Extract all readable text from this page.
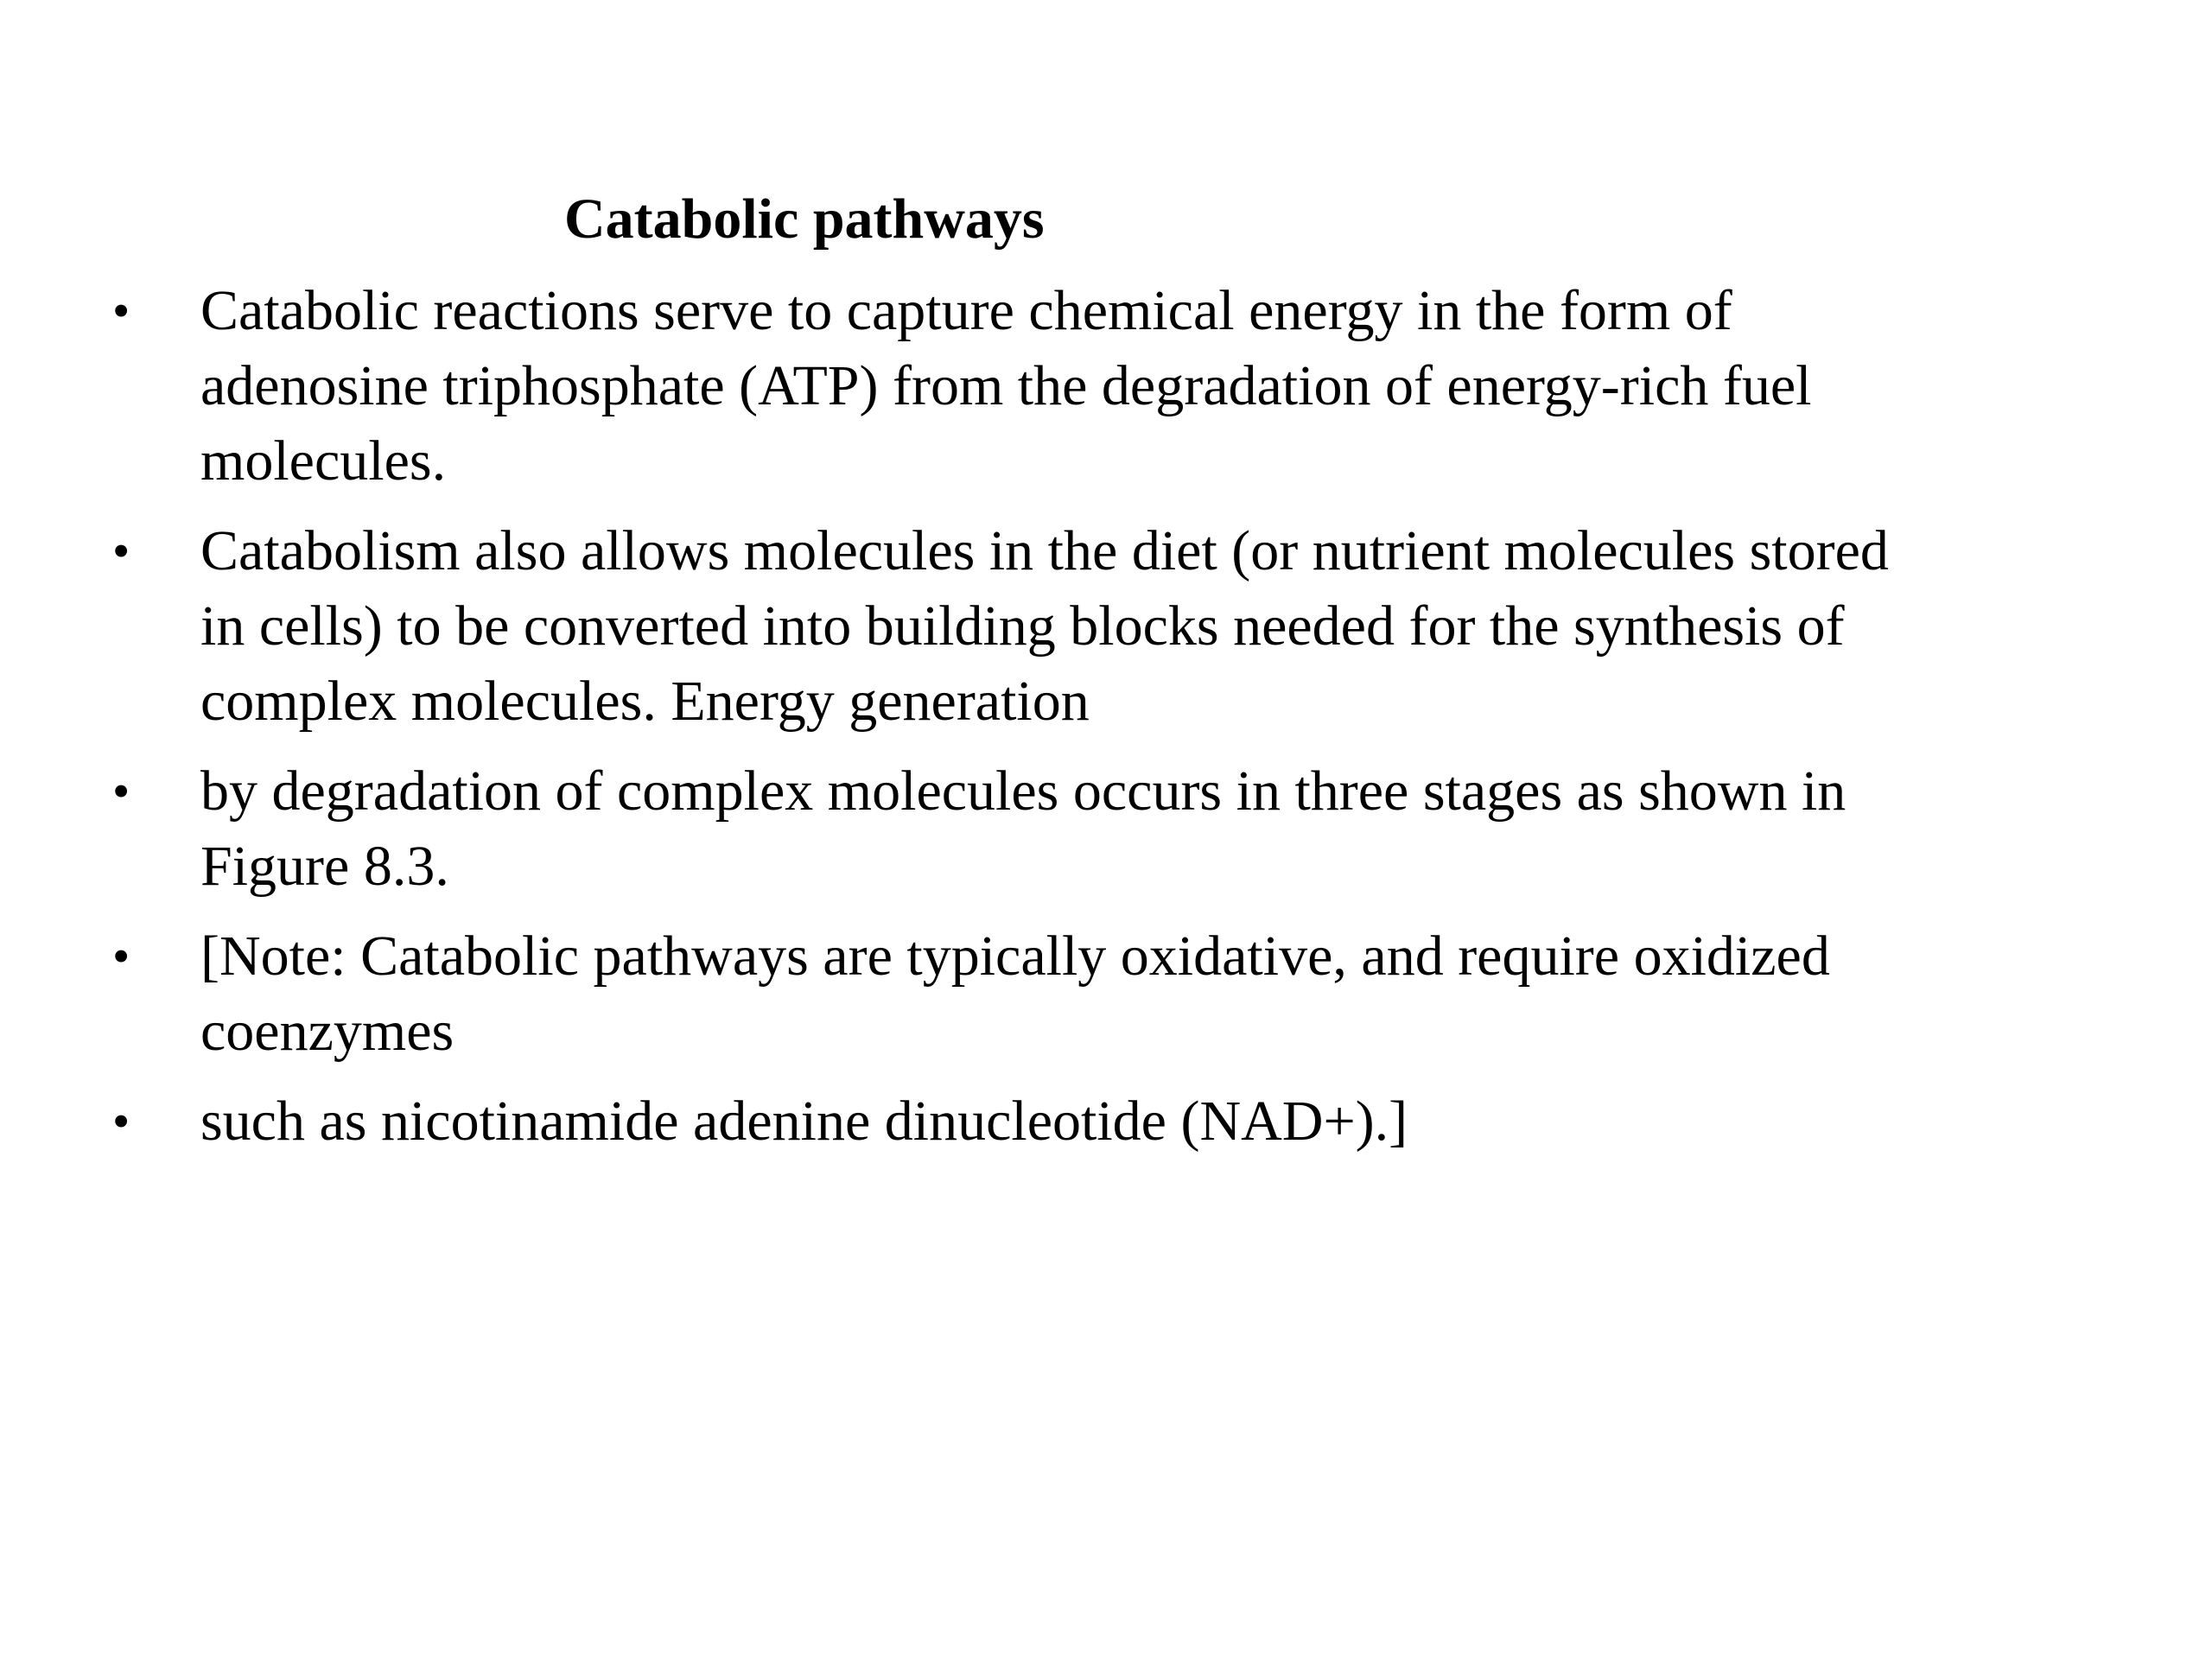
Catabolic pathways
• Catabolic reactions serve to capture chemical energy in the form of
adenosine triphosphate (ATP) from the degradation of energy-rich fuel
molecules.
• Catabolism also allows molecules in the diet (or nutrient molecules stored
in cells) to be converted into building blocks needed for the synthesis of
complex molecules. Energy generation
• by degradation of complex molecules occurs in three stages as shown in
Figure 8.3.
• [Note: Catabolic pathways are typically oxidative, and require oxidized
coenzymes
• such as nicotinamide adenine dinucleotide (NAD+).]
